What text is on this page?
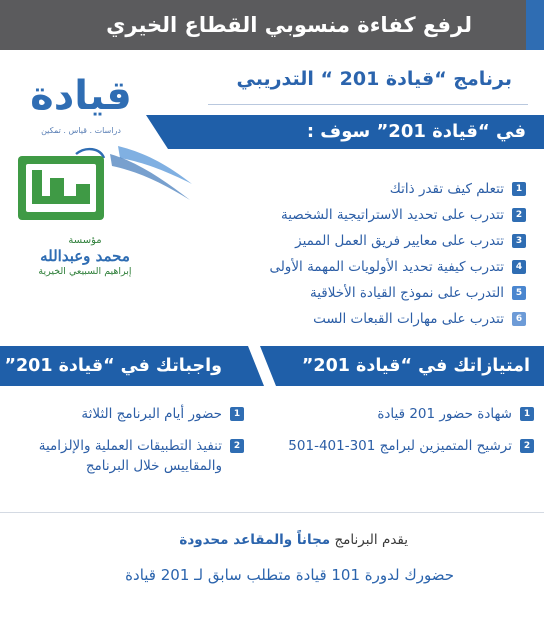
لرفع كفاءة منسوبي القطاع الخيري
قيادة
دراسات . قياس . تمكين
برنامج “قيادة 201 “ التدريبي
في “قيادة 201” سوف :
مؤسسة
محمد وعبدالله
إبراهيم السبيعي الخيرية
1
تتعلم كيف تقدر ذاتك
2
تتدرب على تحديد الاستراتيجية الشخصية
3
تتدرب على معايير فريق العمل المميز
4
تتدرب كيفية تحديد الأولويات المهمة الأولى
5
التدرب على نموذج القيادة الأخلاقية
6
تتدرب على مهارات القبعات الست
امتيازاتك في “قيادة 201”
واجباتك في “قيادة 201”
1
شهادة حضور 201 قيادة
2
ترشيح المتميزين لبرامج 301-401-501
1
حضور أيام البرنامج الثلاثة
2
تنفيذ التطبيقات العملية والإلزامية
والمقاييس خلال البرنامج
يقدم البرنامج مجاناً والمقاعد محدودة
حضورك لدورة 101 قيادة متطلب سابق لـ 201 قيادة
